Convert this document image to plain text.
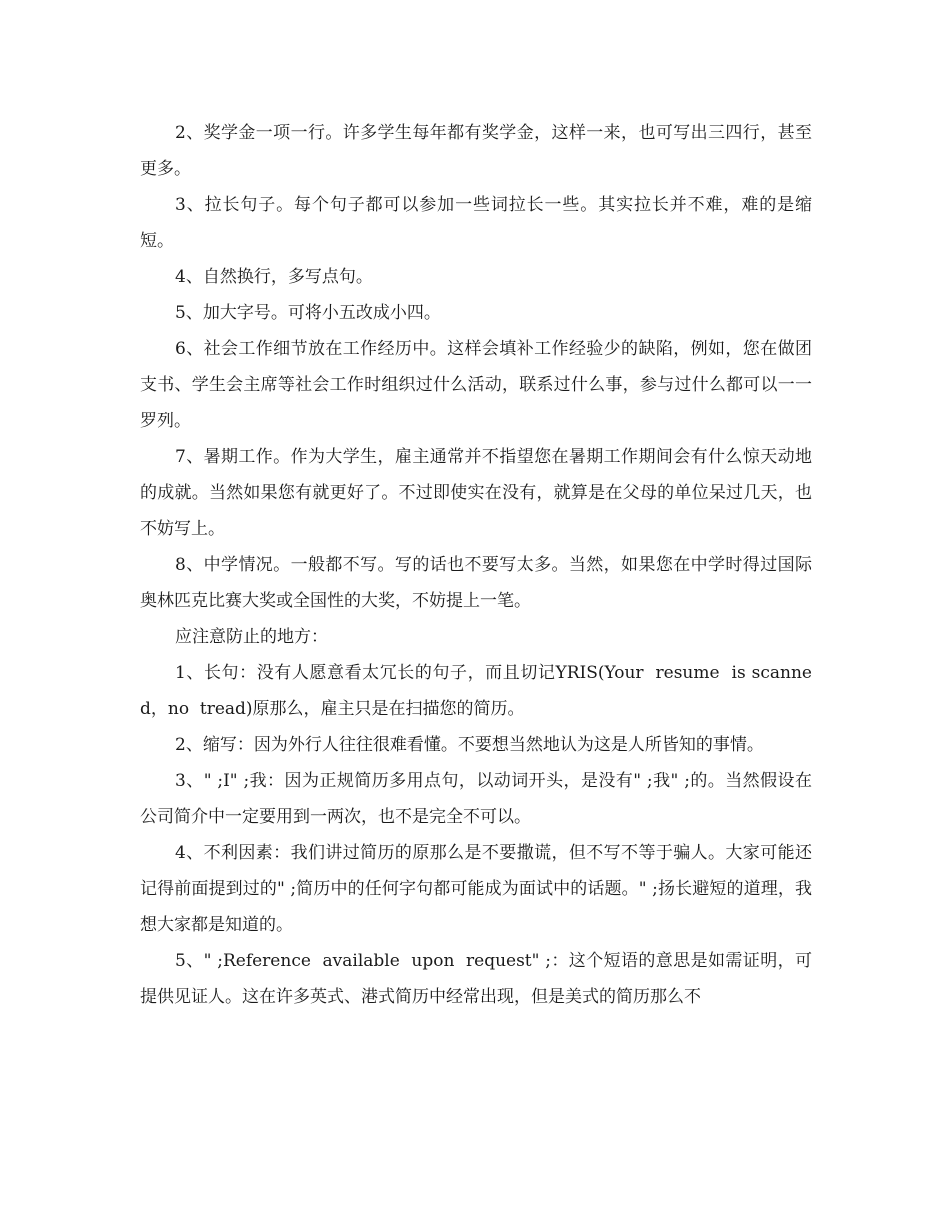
2、奖学金一项一行。许多学生每年都有奖学金，这样一来，也可写出三四行，甚至更多。

3、拉长句子。每个句子都可以参加一些词拉长一些。其实拉长并不难，难的是缩短。

4、自然换行，多写点句。

5、加大字号。可将小五改成小四。

6、社会工作细节放在工作经历中。这样会填补工作经验少的缺陷，例如，您在做团支书、学生会主席等社会工作时组织过什么活动，联系过什么事，参与过什么都可以一一罗列。

7、暑期工作。作为大学生，雇主通常并不指望您在暑期工作期间会有什么惊天动地的成就。当然如果您有就更好了。不过即使实在没有，就算是在父母的单位呆过几天，也不妨写上。

8、中学情况。一般都不写。写的话也不要写太多。当然，如果您在中学时得过国际奥林匹克比赛大奖或全国性的大奖，不妨提上一笔。

应注意防止的地方：

1、长句：没有人愿意看太冗长的句子，而且切记YRIS(Your  resume  is scanned，no  tread)原那么，雇主只是在扫描您的简历。

2、缩写：因为外行人往往很难看懂。不要想当然地认为这是人所皆知的事情。

3、" ;I" ;我：因为正规简历多用点句，以动词开头，是没有" ;我" ;的。当然假设在公司简介中一定要用到一两次，也不是完全不可以。

4、不利因素：我们讲过简历的原那么是不要撒谎，但不写不等于骗人。大家可能还记得前面提到过的" ;简历中的任何字句都可能成为面试中的话题。" ;扬长避短的道理，我想大家都是知道的。

5、" ;Reference  available  upon  request" ;：这个短语的意思是如需证明，可提供见证人。这在许多英式、港式简历中经常出现，但是美式的简历那么不
